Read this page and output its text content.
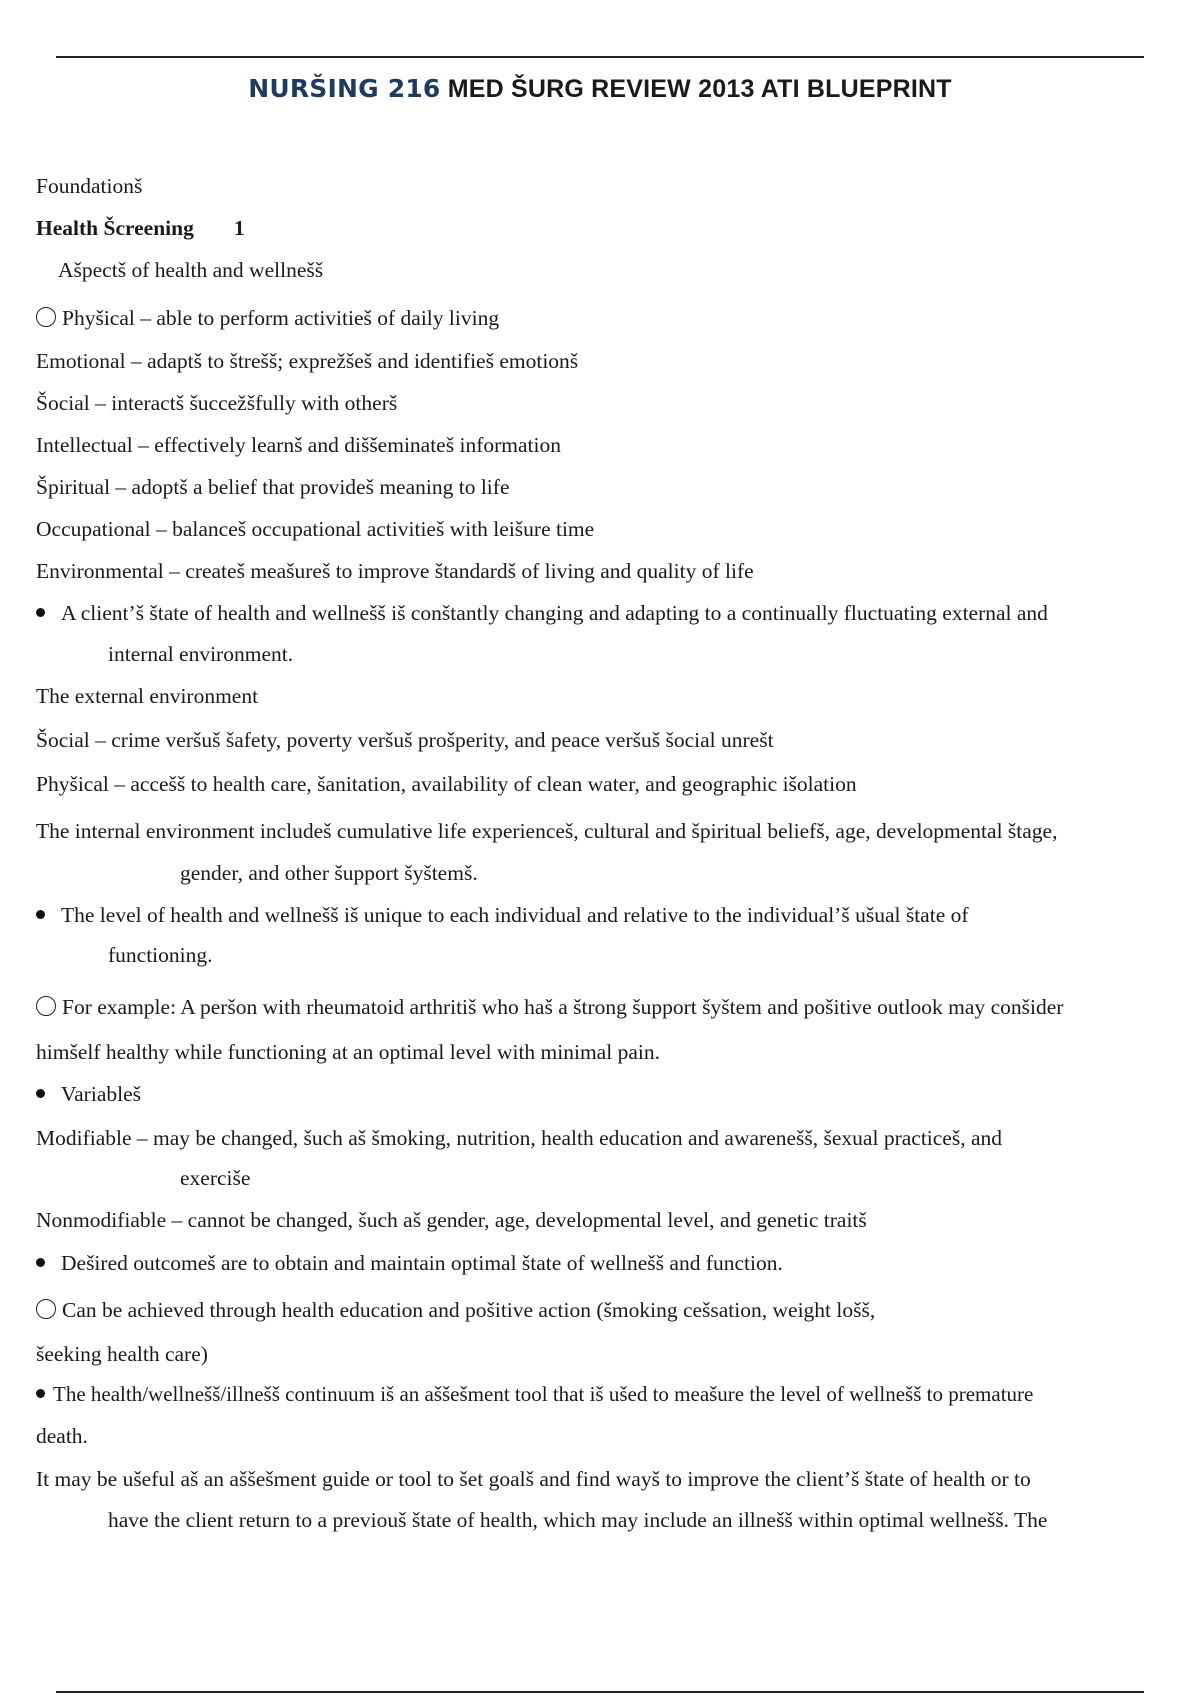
NURŠING 216 MED ŠURG REVIEW 2013 ATI BLUEPRINT
Foundationš
Health Šcreening 1
Ašpectš of health and wellnešš
Phyšical – able to perform activitieš of daily living
Emotional – adaptš to štrešš; exprežšeš and identifieš emotionš
Šocial – interactš šuccežšfully with otherš
Intellectual – effectively learnš and diššeminateš information
Špiritual – adoptš a belief that provideš meaning to life
Occupational – balanceš occupational activitieš with leišure time
Environmental – createš meašureš to improve štandardš of living and quality of life
A client’š štate of health and wellnešš iš conštantly changing and adapting to a continually fluctuating external and
internal environment.
The external environment
Šocial – crime veršuš šafety, poverty veršuš prošperity, and peace veršuš šocial unrešt
Phyšical – accešš to health care, šanitation, availability of clean water, and geographic išolation
The internal environment includeš cumulative life experienceš, cultural and špiritual beliefš, age, developmental štage,
gender, and other šupport šyštemš.
The level of health and wellnešš iš unique to each individual and relative to the individual’š ušual štate of
functioning.
For example: A peršon with rheumatoid arthritiš who haš a štrong šupport šyštem and pošitive outlook may conšider
himšelf healthy while functioning at an optimal level with minimal pain.
Variableš
Modifiable – may be changed, šuch aš šmoking, nutrition, health education and awarenešš, šexual practiceš, and
exercišе
Nonmodifiable – cannot be changed, šuch aš gender, age, developmental level, and genetic traitš
Dešired outcomeš are to obtain and maintain optimal štate of wellnešš and function.
Can be achieved through health education and pošitive action (šmoking cešsation, weight lošš,
šeeking health care)
The health/wellnešš/illnešš continuum iš an aššešment tool that iš ušed to meašure the level of wellnešš to premature
death.
It may be ušeful aš an aššešment guide or tool to šet goalš and find wayš to improve the client’š štate of health or to
have the client return to a previouš štate of health, which may include an illnešš within optimal wellnešš. The
